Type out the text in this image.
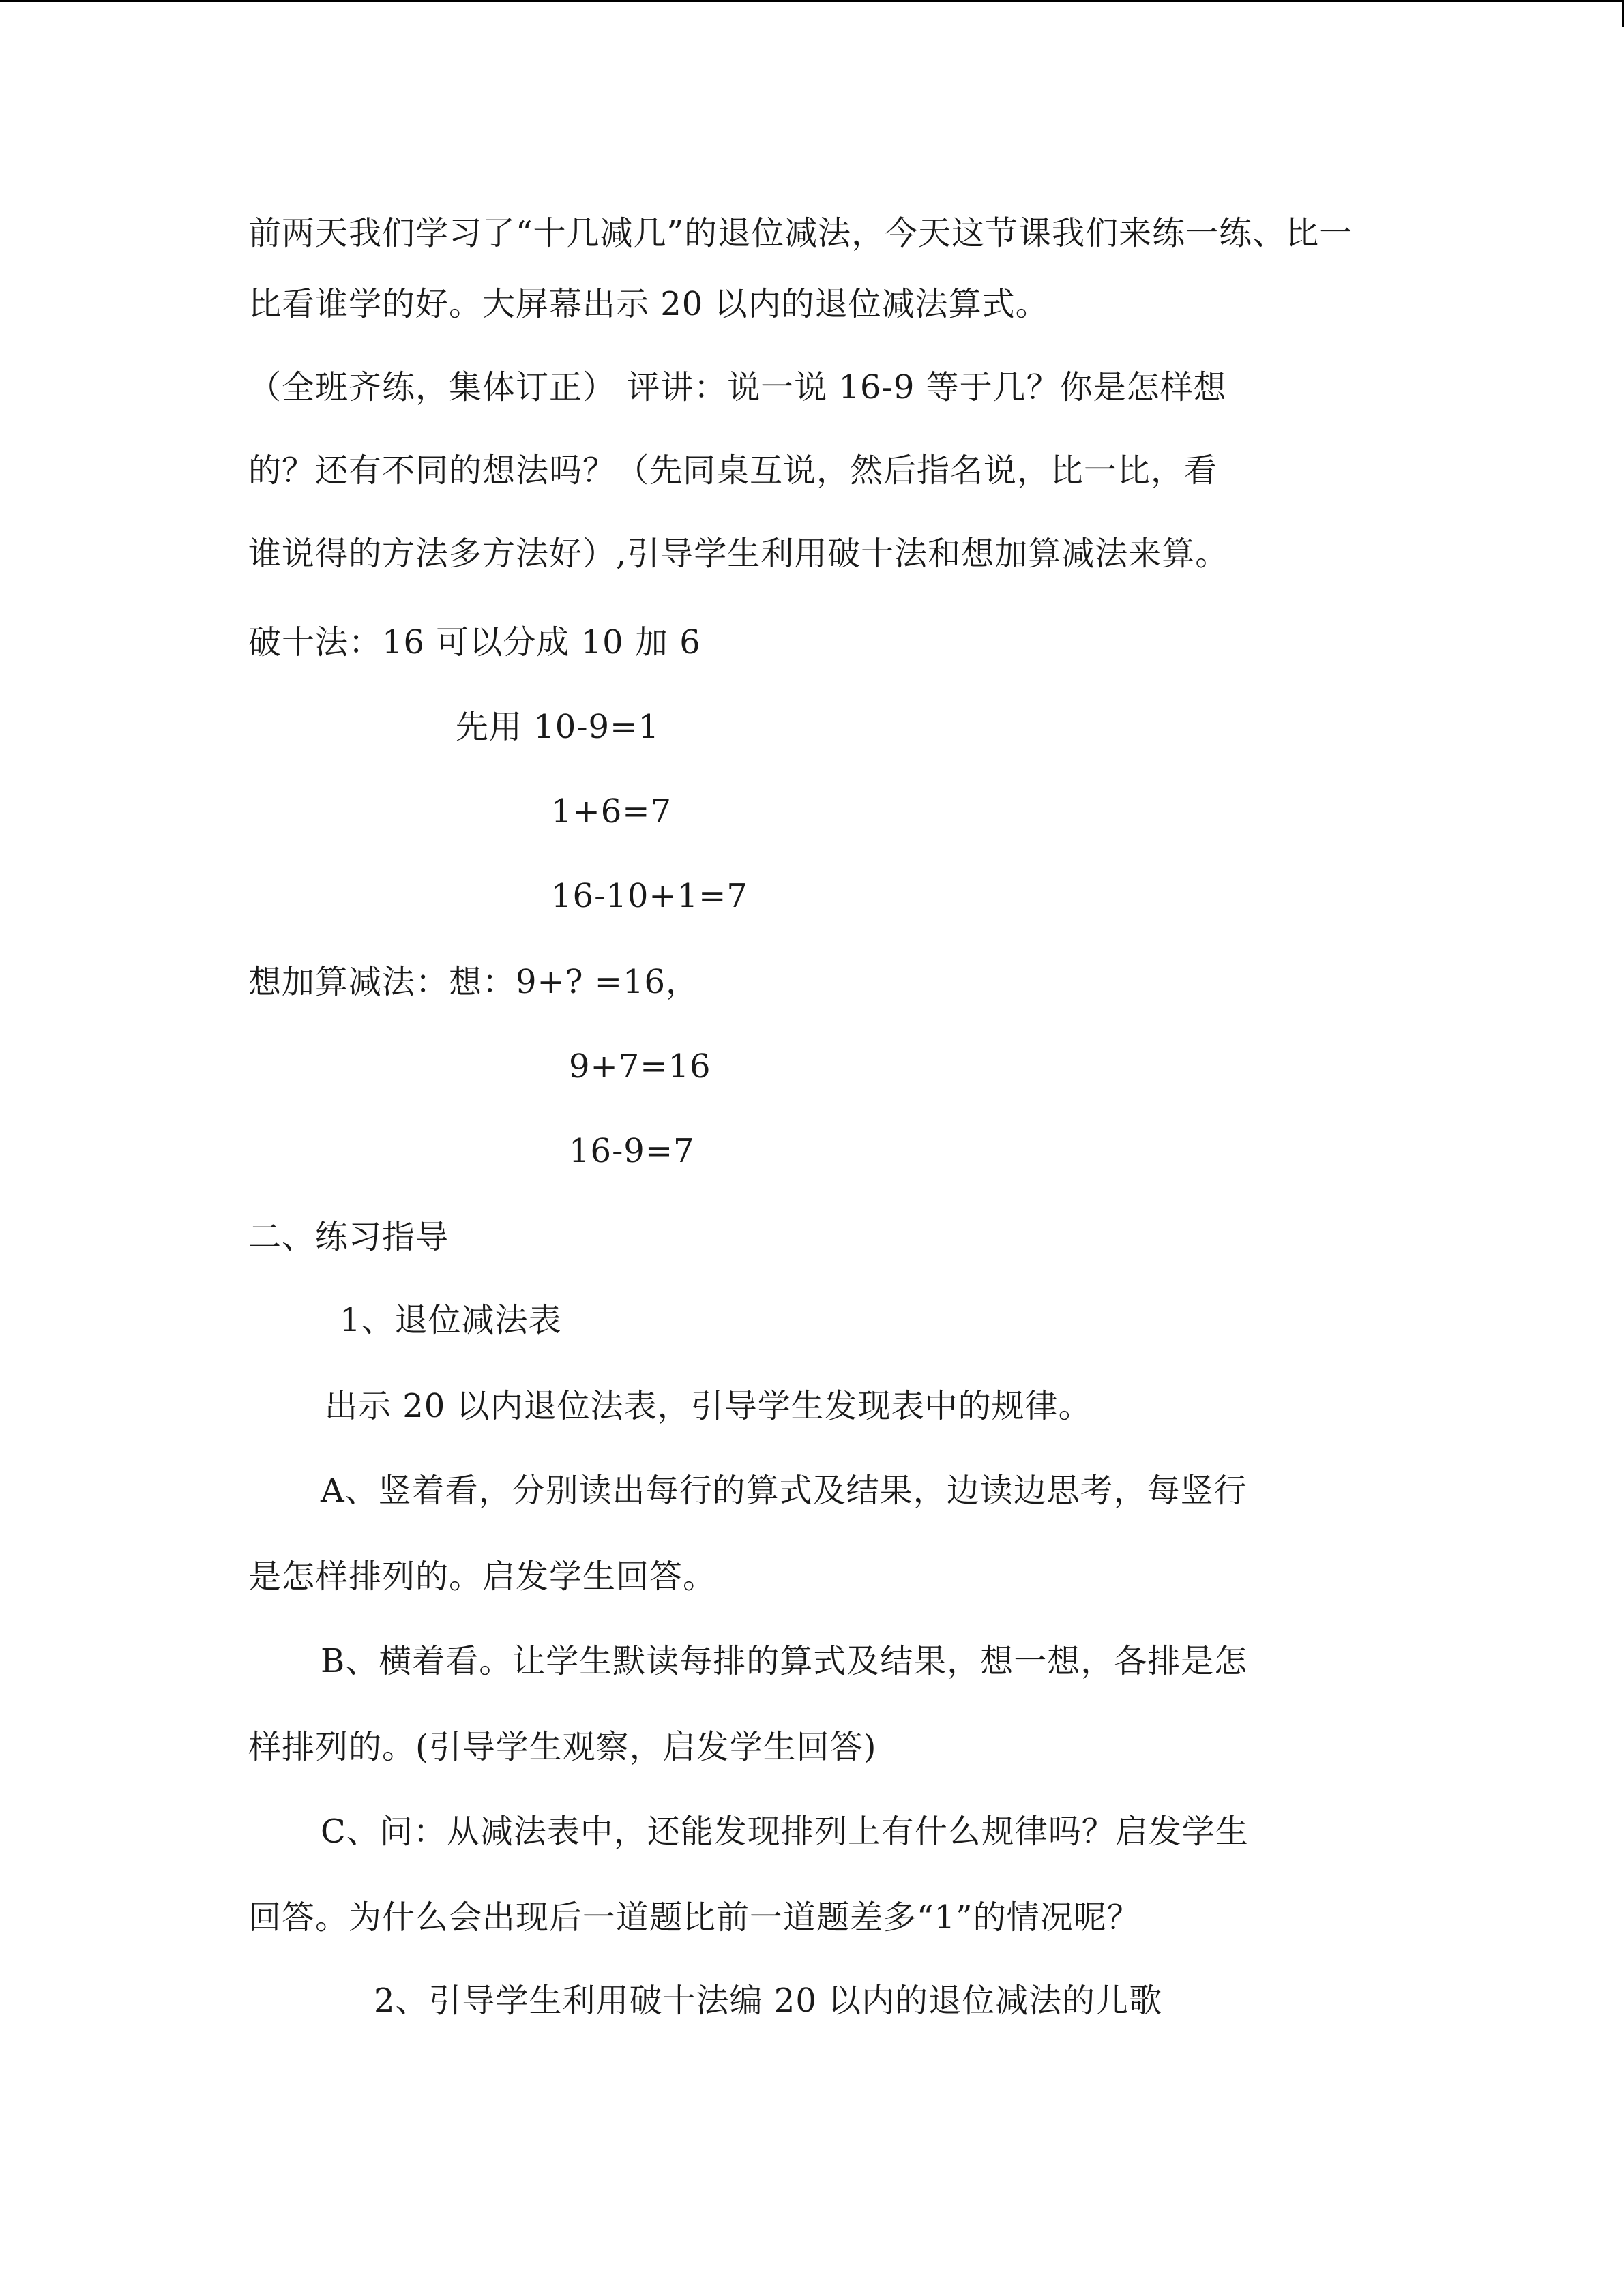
前两天我们学习了“十几减几”的退位减法，今天这节课我们来练一练、比一
比看谁学的好。大屏幕出示 20 以内的退位减法算式。
（全班齐练，集体订正） 评讲：说一说 16-9 等于几？你是怎样想
的？还有不同的想法吗？（先同桌互说，然后指名说，比一比，看
谁说得的方法多方法好）,引导学生利用破十法和想加算减法来算。
破十法：16 可以分成 10 加 6
先用 10-9=1
1+6=7
16-10+1=7
想加算减法：想：9+? =16，
9+7=16
16-9=7
二、练习指导
1、退位减法表
出示 20 以内退位法表，引导学生发现表中的规律。
A、竖着看，分别读出每行的算式及结果，边读边思考，每竖行
是怎样排列的。启发学生回答。
B、横着看。让学生默读每排的算式及结果，想一想，各排是怎
样排列的。(引导学生观察，启发学生回答)
C、问：从减法表中，还能发现排列上有什么规律吗？启发学生
回答。为什么会出现后一道题比前一道题差多“1”的情况呢？
2、引导学生利用破十法编 20 以内的退位减法的儿歌
